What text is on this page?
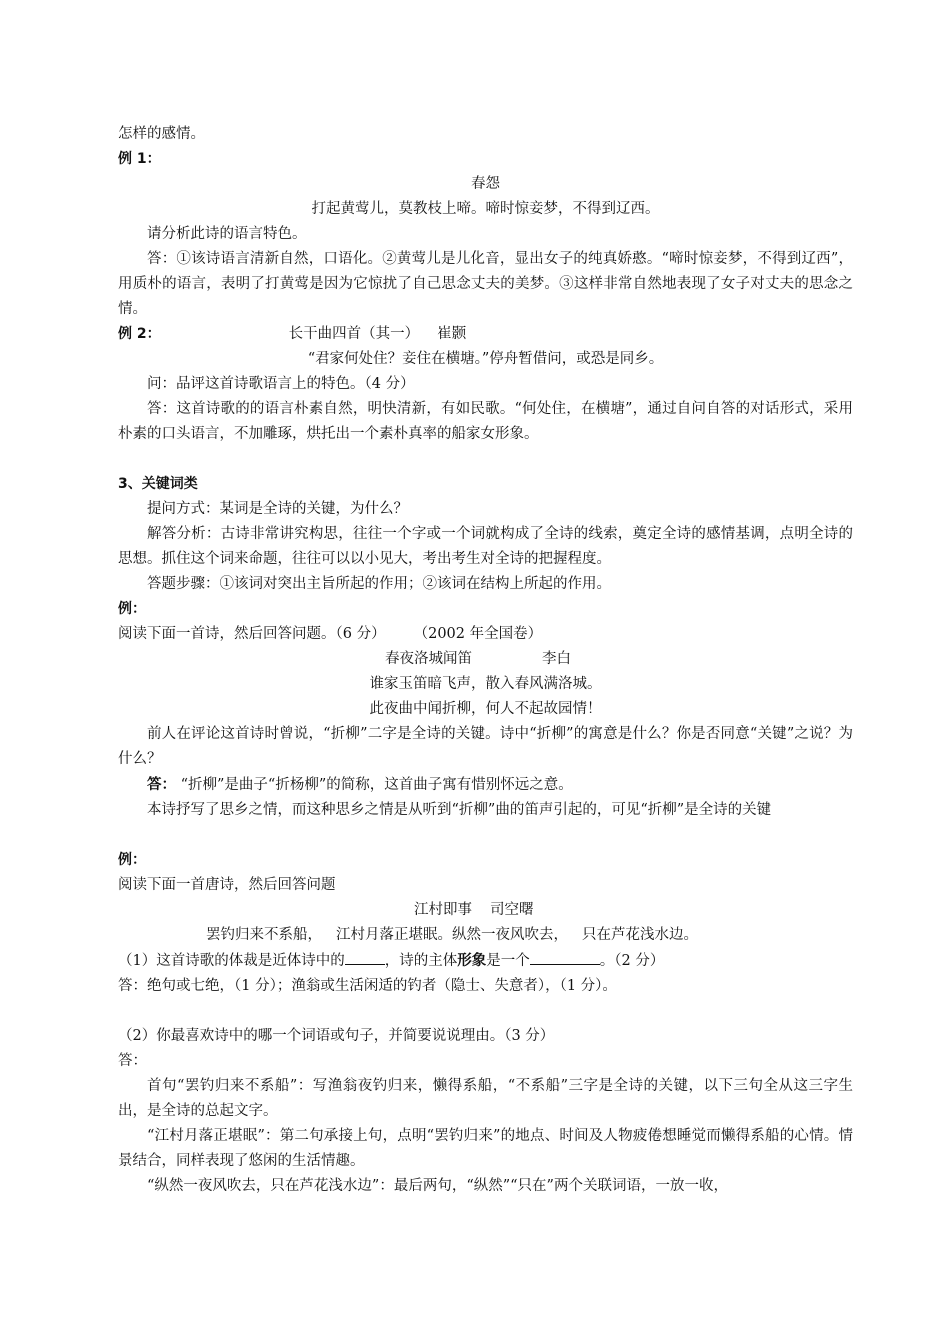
怎样的感情。

例 1：

春怨

打起黄莺儿，莫教枝上啼。啼时惊妾梦，不得到辽西。

请分析此诗的语言特色。

答：①该诗语言清新自然，口语化。②黄莺儿是儿化音，显出女子的纯真娇憨。“啼时惊妾梦，不得到辽西”，用质朴的语言，表明了打黄莺是因为它惊扰了自己思念丈夫的美梦。③这样非常自然地表现了女子对丈夫的思念之情。

例 2：	长干曲四首（其一） 崔颢

“君家何处住？妾住在横塘。”停舟暂借问，或恐是同乡。

问：品评这首诗歌语言上的特色。（4 分）

答：这首诗歌的的语言朴素自然，明快清新，有如民歌。“何处住，在横塘”，通过自问自答的对话形式，采用朴素的口头语言，不加雕琢，烘托出一个素朴真率的船家女形象。

3、关键词类

提问方式：某词是全诗的关键，为什么？

解答分析：古诗非常讲究构思，往往一个字或一个词就构成了全诗的线索，奠定全诗的感情基调，点明全诗的思想。抓住这个词来命题，往往可以以小见大，考出考生对全诗的把握程度。

答题步骤：①该词对突出主旨所起的作用；②该词在结构上所起的作用。

例：

阅读下面一首诗，然后回答问题。（6 分） （2002 年全国卷）

春夜洛城闻笛	李白

谁家玉笛暗飞声，散入春风满洛城。

此夜曲中闻折柳，何人不起故园情！

前人在评论这首诗时曾说，“折柳”二字是全诗的关键。诗中“折柳”的寓意是什么？你是否同意“关键”之说？为什么？

答： “折柳”是曲子“折杨柳”的简称，这首曲子寓有惜别怀远之意。

本诗抒写了思乡之情，而这种思乡之情是从听到“折柳”曲的笛声引起的，可见“折柳”是全诗的关键

例：

阅读下面一首唐诗，然后回答问题

江村即事 司空曙

罢钓归来不系船， 江村月落正堪眠。纵然一夜风吹去， 只在芦花浅水边。

（1）这首诗歌的体裁是近体诗中的	，诗的主体形象是一个	。（2 分）

答：绝句或七绝，（1 分）；渔翁或生活闲适的钓者（隐士、失意者），（1 分）。

（2）你最喜欢诗中的哪一个词语或句子，并简要说说理由。（3 分）

答：

首句“罢钓归来不系船”：写渔翁夜钓归来，懒得系船，“不系船”三字是全诗的关键，以下三句全从这三字生出，是全诗的总起文字。

“江村月落正堪眠”：第二句承接上句，点明“罢钓归来”的地点、时间及人物疲倦想睡觉而懒得系船的心情。情景结合，同样表现了悠闲的生活情趣。

“纵然一夜风吹去，只在芦花浅水边”：最后两句，“纵然”“只在”两个关联词语，一放一收，
